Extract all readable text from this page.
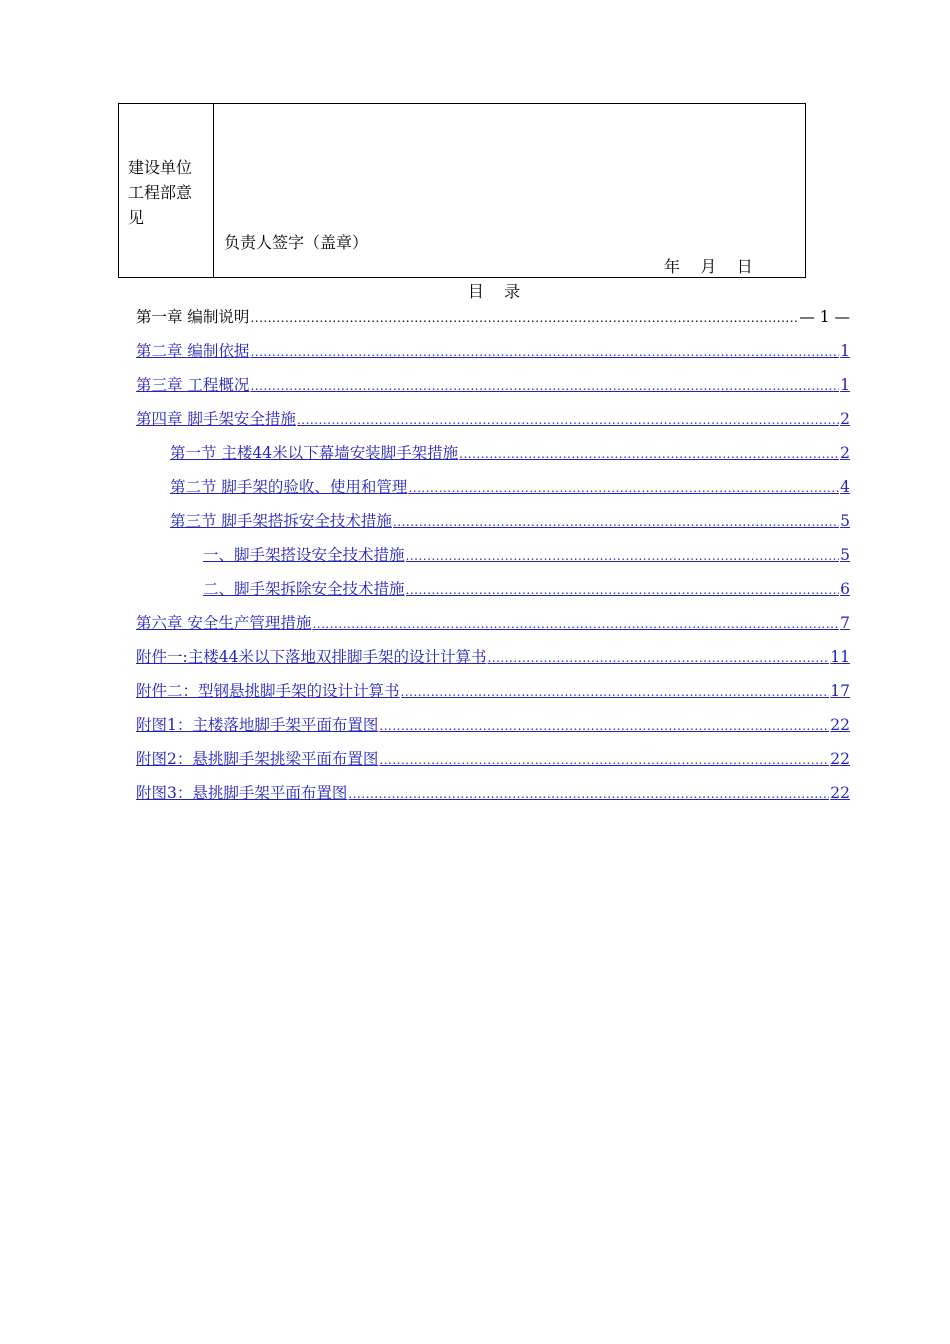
建设单位工程部意见
负责人签字（盖章）
年    月    日
目    录
第一章 编制说明 .....	— 1 —
第二章 编制依据 .....	1
第三章 工程概况 .....	1
第四章 脚手架安全措施 .....	2
第一节 主楼44米以下幕墙安装脚手架措施 .....	2
第二节 脚手架的验收、使用和管理 .....	4
第三节 脚手架搭拆安全技术措施 .....	5
一、脚手架搭设安全技术措施 .....	5
二、脚手架拆除安全技术措施 .....	6
第六章 安全生产管理措施 .....	7
附件一:主楼44米以下落地双排脚手架的设计计算书 .....	11
附件二：型钢悬挑脚手架的设计计算书 .....	17
附图1：主楼落地脚手架平面布置图 .....	22
附图2：悬挑脚手架挑梁平面布置图 .....	22
附图3：悬挑脚手架平面布置图 .....	22
